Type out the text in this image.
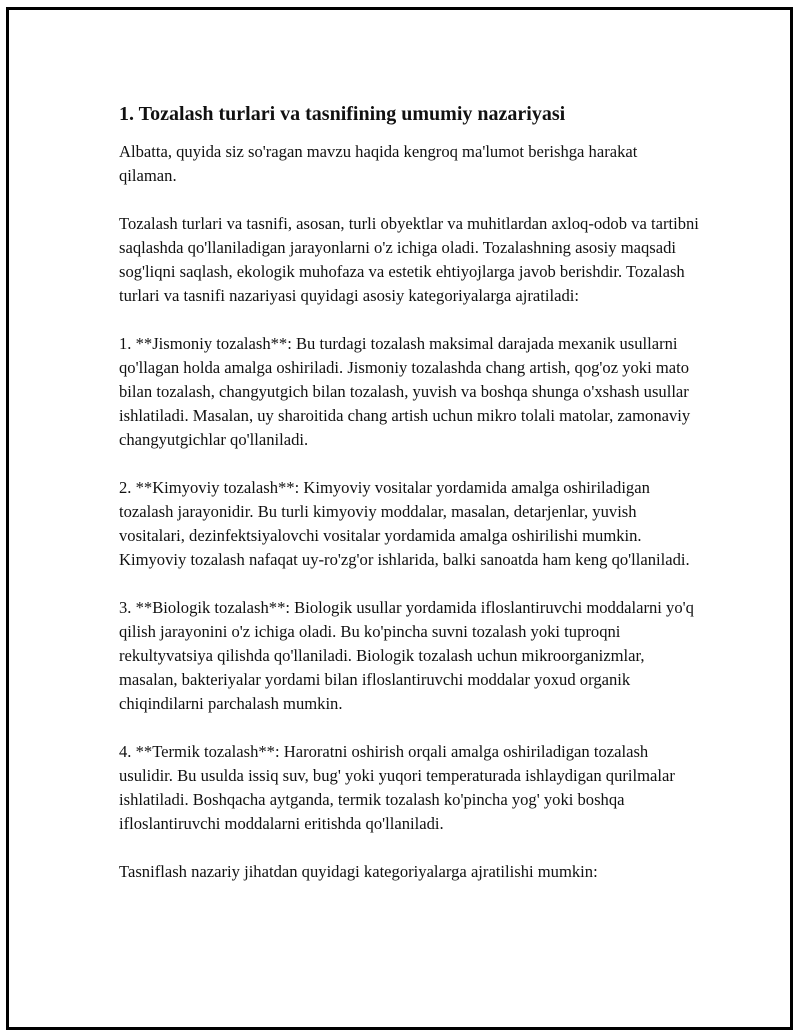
1. Tozalash turlari va tasnifining umumiy nazariyasi

Albatta, quyida siz so'ragan mavzu haqida kengroq ma'lumot berishga harakat qilaman.

Tozalash turlari va tasnifi, asosan, turli obyektlar va muhitlardan axloq-odob va tartibni saqlashda qo'llaniladigan jarayonlarni o'z ichiga oladi. Tozalashning asosiy maqsadi sog'liqni saqlash, ekologik muhofaza va estetik ehtiyojlarga javob berishdir. Tozalash turlari va tasnifi nazariyasi quyidagi asosiy kategoriyalarga ajratiladi:

1. **Jismoniy tozalash**: Bu turdagi tozalash maksimal darajada mexanik usullarni qo'llagan holda amalga oshiriladi. Jismoniy tozalashda chang artish, qog'oz yoki mato bilan tozalash, changyutgich bilan tozalash, yuvish va boshqa shunga o'xshash usullar ishlatiladi. Masalan, uy sharoitida chang artish uchun mikro tolali matolar, zamonaviy changyutgichlar qo'llaniladi.

2. **Kimyoviy tozalash**: Kimyoviy vositalar yordamida amalga oshiriladigan tozalash jarayonidir. Bu turli kimyoviy moddalar, masalan, detarjenlar, yuvish vositalari, dezinfektsiyalovchi vositalar yordamida amalga oshirilishi mumkin. Kimyoviy tozalash nafaqat uy-ro'zg'or ishlarida, balki sanoatda ham keng qo'llaniladi.

3. **Biologik tozalash**: Biologik usullar yordamida ifloslantiruvchi moddalarni yo'q qilish jarayonini o'z ichiga oladi. Bu ko'pincha suvni tozalash yoki tuproqni rekultyvatsiya qilishda qo'llaniladi. Biologik tozalash uchun mikroorganizmlar, masalan, bakteriyalar yordami bilan ifloslantiruvchi moddalar yoxud organik chiqindilarni parchalash mumkin.

4. **Termik tozalash**: Haroratni oshirish orqali amalga oshiriladigan tozalash usulidir. Bu usulda issiq suv, bug' yoki yuqori temperaturada ishlaydigan qurilmalar ishlatiladi. Boshqacha aytganda, termik tozalash ko'pincha yog' yoki boshqa ifloslantiruvchi moddalarni eritishda qo'llaniladi.

Tasniflash nazariy jihatdan quyidagi kategoriyalarga ajratilishi mumkin:
